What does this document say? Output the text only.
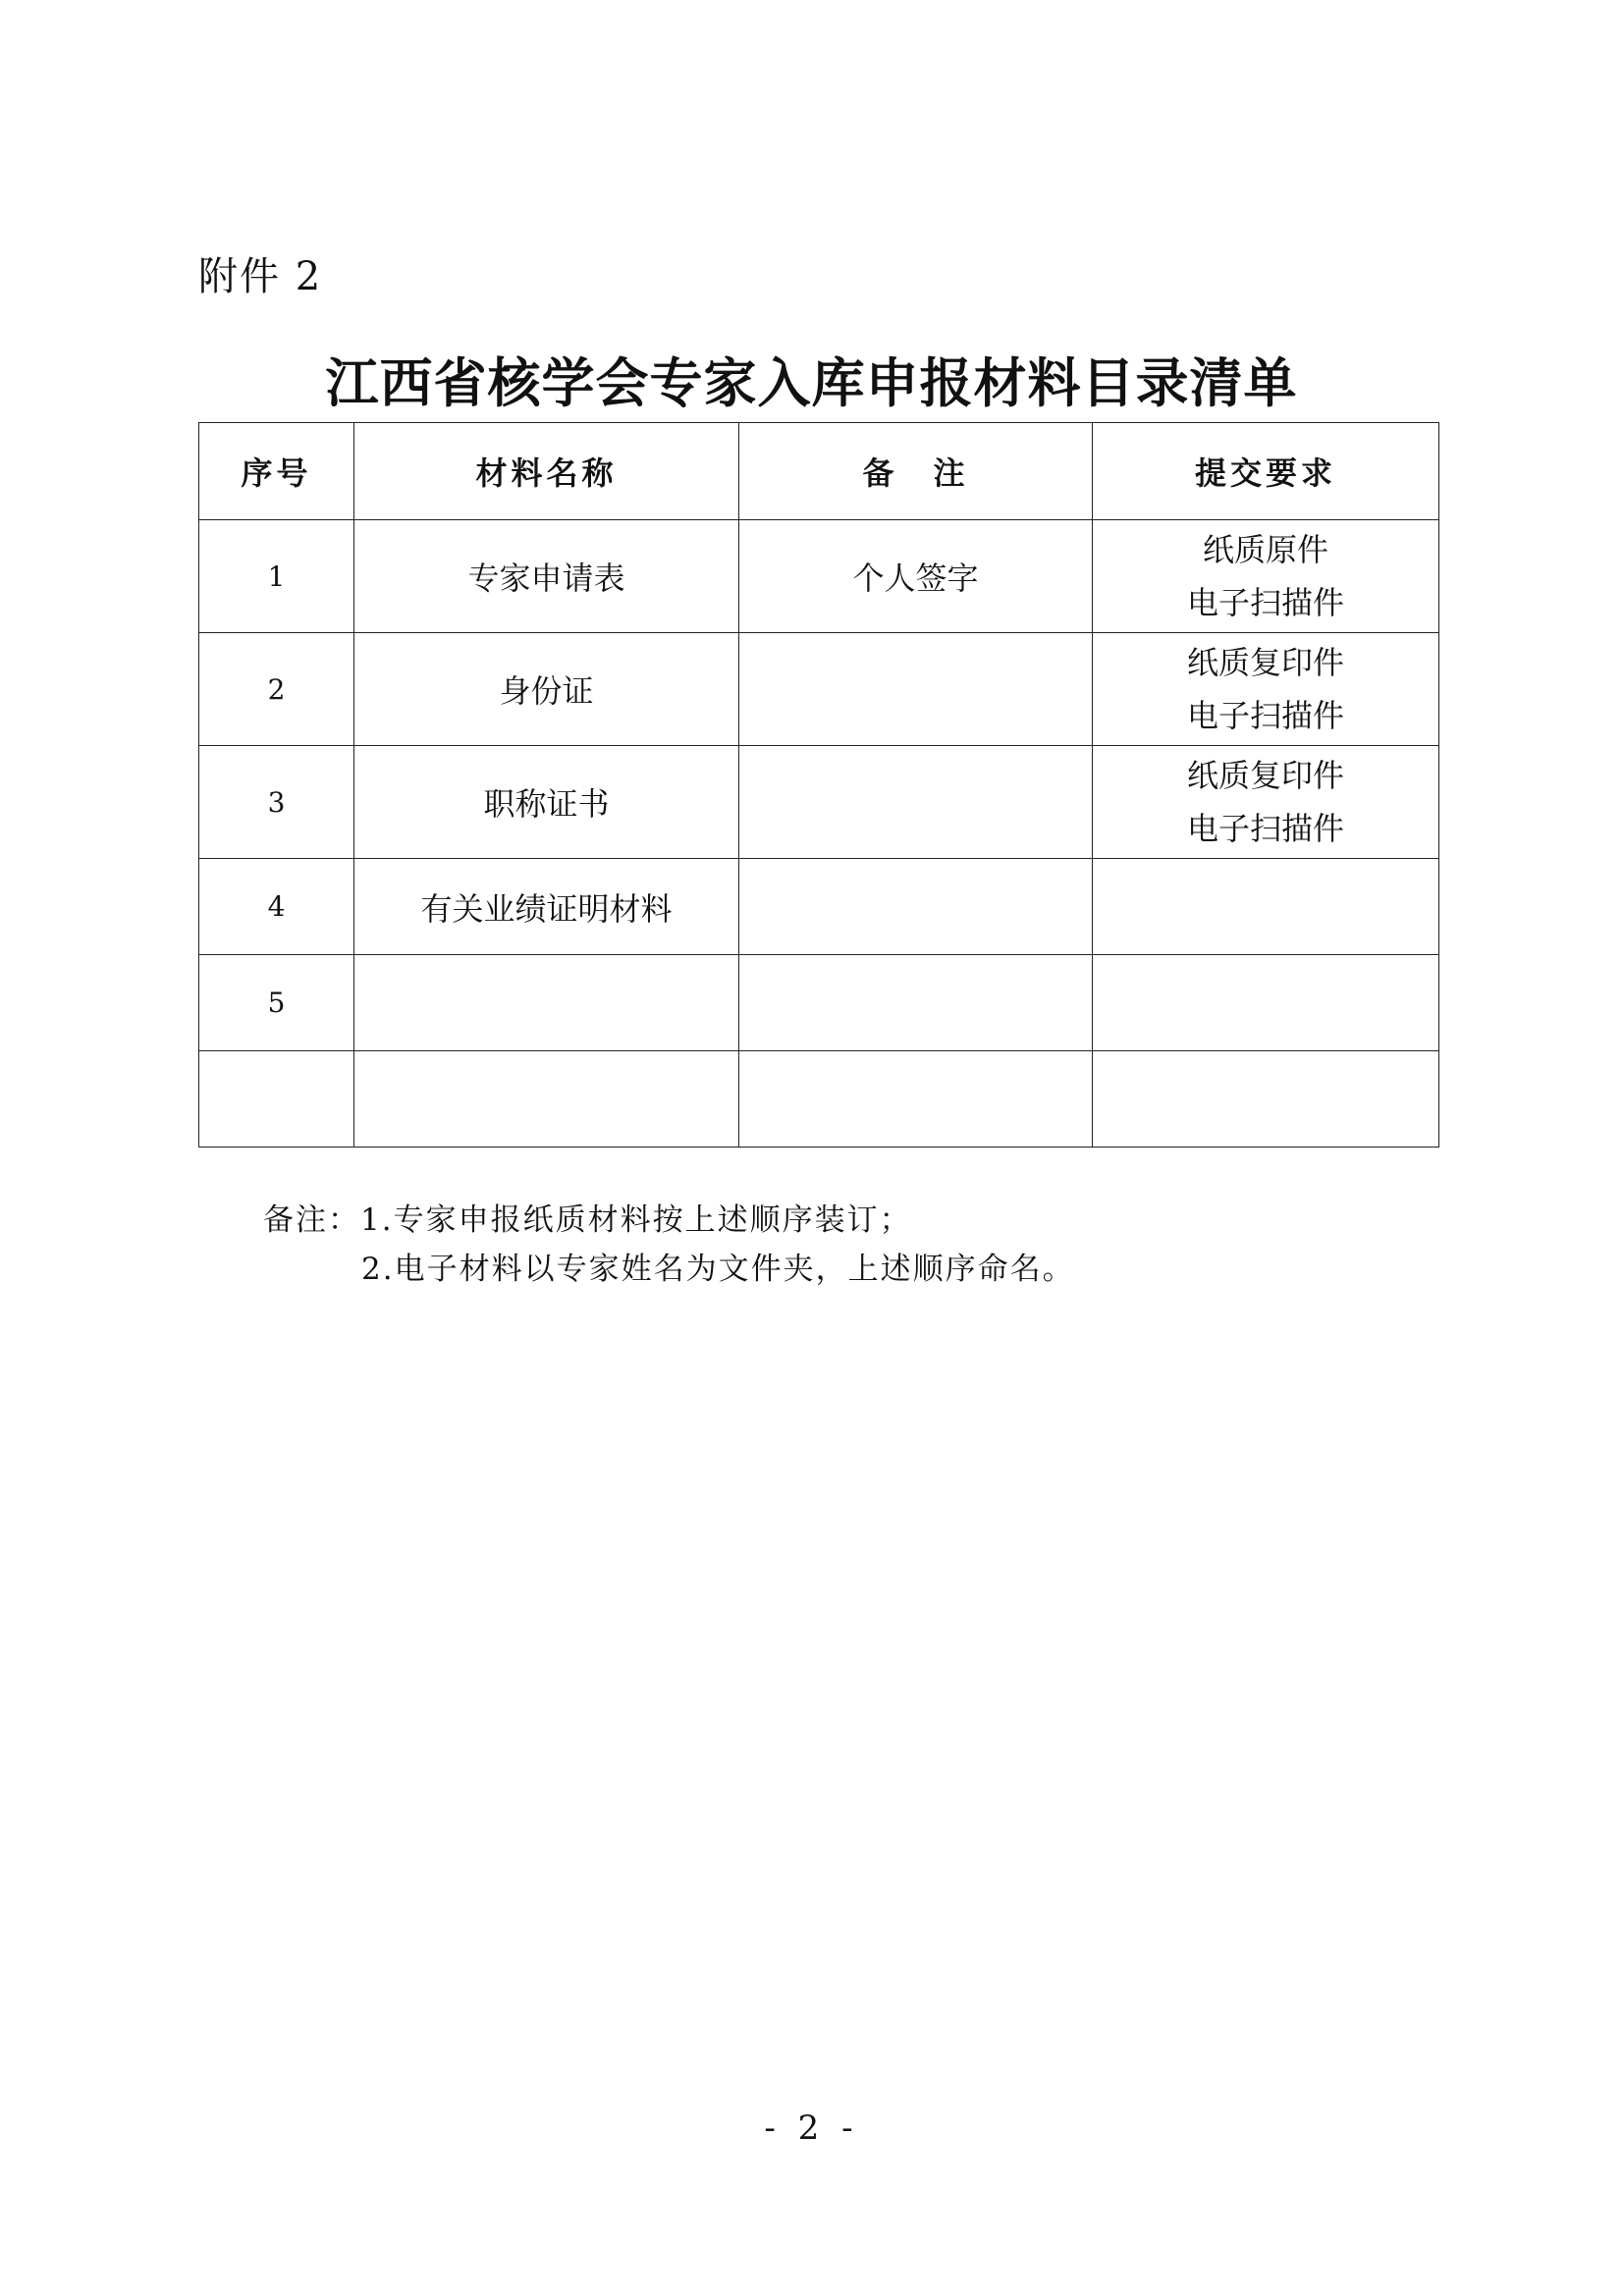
附件 2
江西省核学会专家入库申报材料目录清单
序号	材料名称	备　注	提交要求
1	专家申请表	个人签字	纸质原件
电子扫描件

2	身份证		纸质复印件
电子扫描件

3	职称证书		纸质复印件
电子扫描件

4	有关业绩证明材料		
5			

备注：1.专家申报纸质材料按上述顺序装订；
2.电子材料以专家姓名为文件夹，上述顺序命名。
- 2 -
